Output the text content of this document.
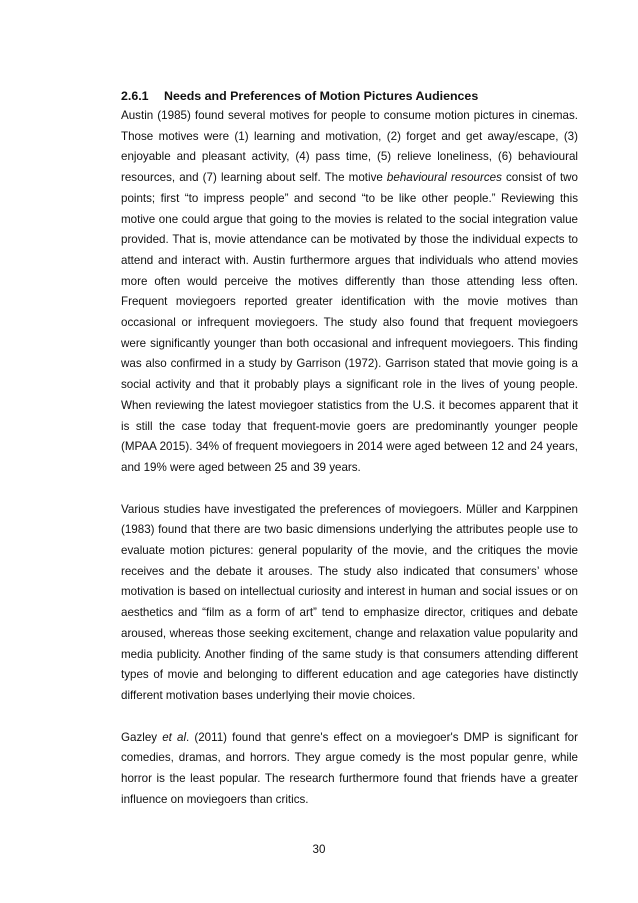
2.6.1 Needs and Preferences of Motion Pictures Audiences

Austin (1985) found several motives for people to consume motion pictures in cinemas. Those motives were (1) learning and motivation, (2) forget and get away/escape, (3) enjoyable and pleasant activity, (4) pass time, (5) relieve loneliness, (6) behavioural resources, and (7) learning about self. The motive behavioural resources consist of two points; first “to impress people” and second “to be like other people.” Reviewing this motive one could argue that going to the movies is related to the social integration value provided. That is, movie attendance can be motivated by those the individual expects to attend and interact with. Austin furthermore argues that individuals who attend movies more often would perceive the motives differently than those attending less often. Frequent moviegoers reported greater identification with the movie motives than occasional or infrequent moviegoers. The study also found that frequent moviegoers were significantly younger than both occasional and infrequent moviegoers. This finding was also confirmed in a study by Garrison (1972). Garrison stated that movie going is a social activity and that it probably plays a significant role in the lives of young people. When reviewing the latest moviegoer statistics from the U.S. it becomes apparent that it is still the case today that frequent-movie goers are predominantly younger people (MPAA 2015). 34% of frequent moviegoers in 2014 were aged between 12 and 24 years, and 19% were aged between 25 and 39 years.

Various studies have investigated the preferences of moviegoers. Müller and Karppinen (1983) found that there are two basic dimensions underlying the attributes people use to evaluate motion pictures: general popularity of the movie, and the critiques the movie receives and the debate it arouses. The study also indicated that consumers’ whose motivation is based on intellectual curiosity and interest in human and social issues or on aesthetics and “film as a form of art” tend to emphasize director, critiques and debate aroused, whereas those seeking excitement, change and relaxation value popularity and media publicity. Another finding of the same study is that consumers attending different types of movie and belonging to different education and age categories have distinctly different motivation bases underlying their movie choices.

Gazley et al. (2011) found that genre's effect on a moviegoer's DMP is significant for comedies, dramas, and horrors. They argue comedy is the most popular genre, while horror is the least popular. The research furthermore found that friends have a greater influence on moviegoers than critics.

30
